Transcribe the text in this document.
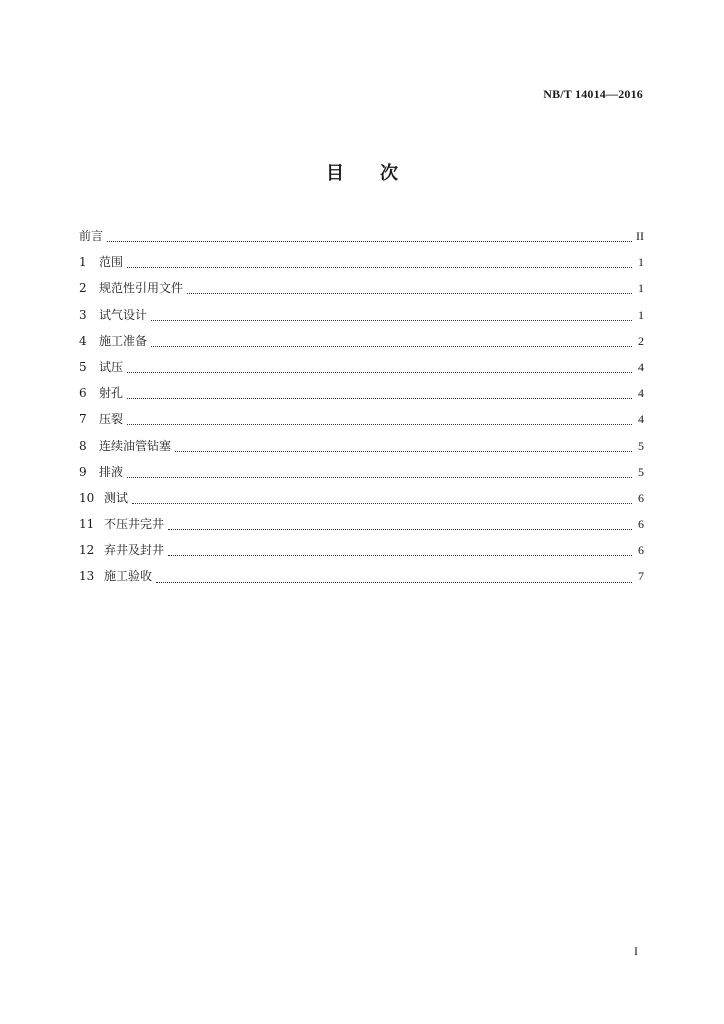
NB/T 14014—2016
目 次
前言	II
1	范围	1
2	规范性引用文件	1
3	试气设计	1
4	施工准备	2
5	试压	4
6	射孔	4
7	压裂	4
8	连续油管钻塞	5
9	排液	5
10 测试	6
11 不压井完井	6
12 弃井及封井	6
13 施工验收	7
I
